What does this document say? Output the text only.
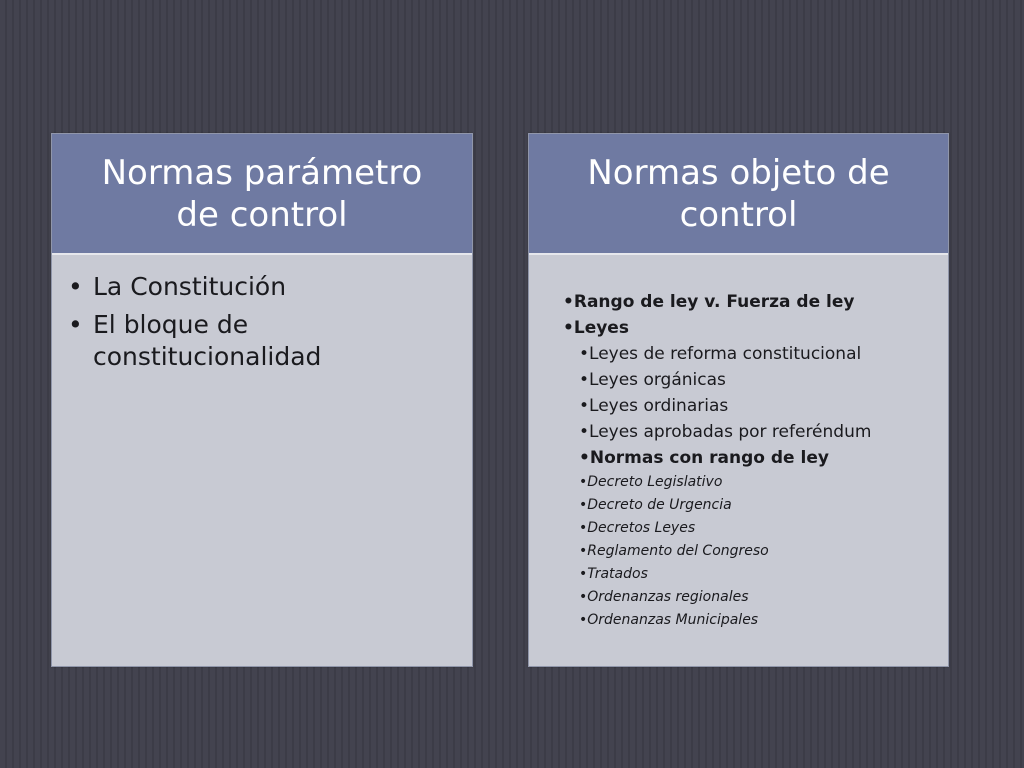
Normas parámetro
de control
• La Constitución
• El bloque de constitucionalidad
Normas objeto de
control
•Rango de ley v. Fuerza de ley
•Leyes
•Leyes de reforma constitucional
•Leyes orgánicas
•Leyes ordinarias
•Leyes aprobadas por referéndum
•Normas con rango de ley
•Decreto Legislativo
•Decreto de Urgencia
•Decretos Leyes
•Reglamento del Congreso
•Tratados
•Ordenanzas regionales
•Ordenanzas Municipales
